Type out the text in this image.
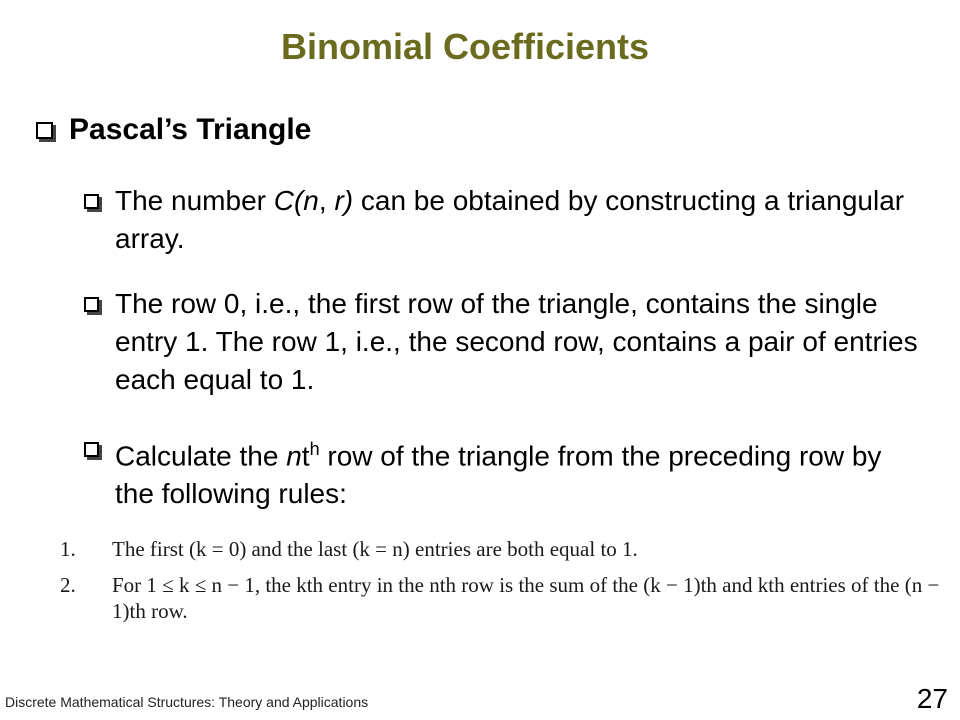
Binomial Coefficients
Pascal’s Triangle
The number C(n, r) can be obtained by constructing a triangular array.
The row 0, i.e., the first row of the triangle, contains the single entry 1. The row 1, i.e., the second row, contains a pair of entries each equal to 1.
Calculate the $nt^h$ row of the triangle from the preceding row by the following rules:
1.	The first (k = 0) and the last (k = n) entries are both equal to 1.
2.	For 1 ≤ k ≤ n − 1, the kth entry in the nth row is the sum of the (k − 1)th and kth entries of the (n − 1)th row.
Discrete Mathematical Structures: Theory and Applications	27
